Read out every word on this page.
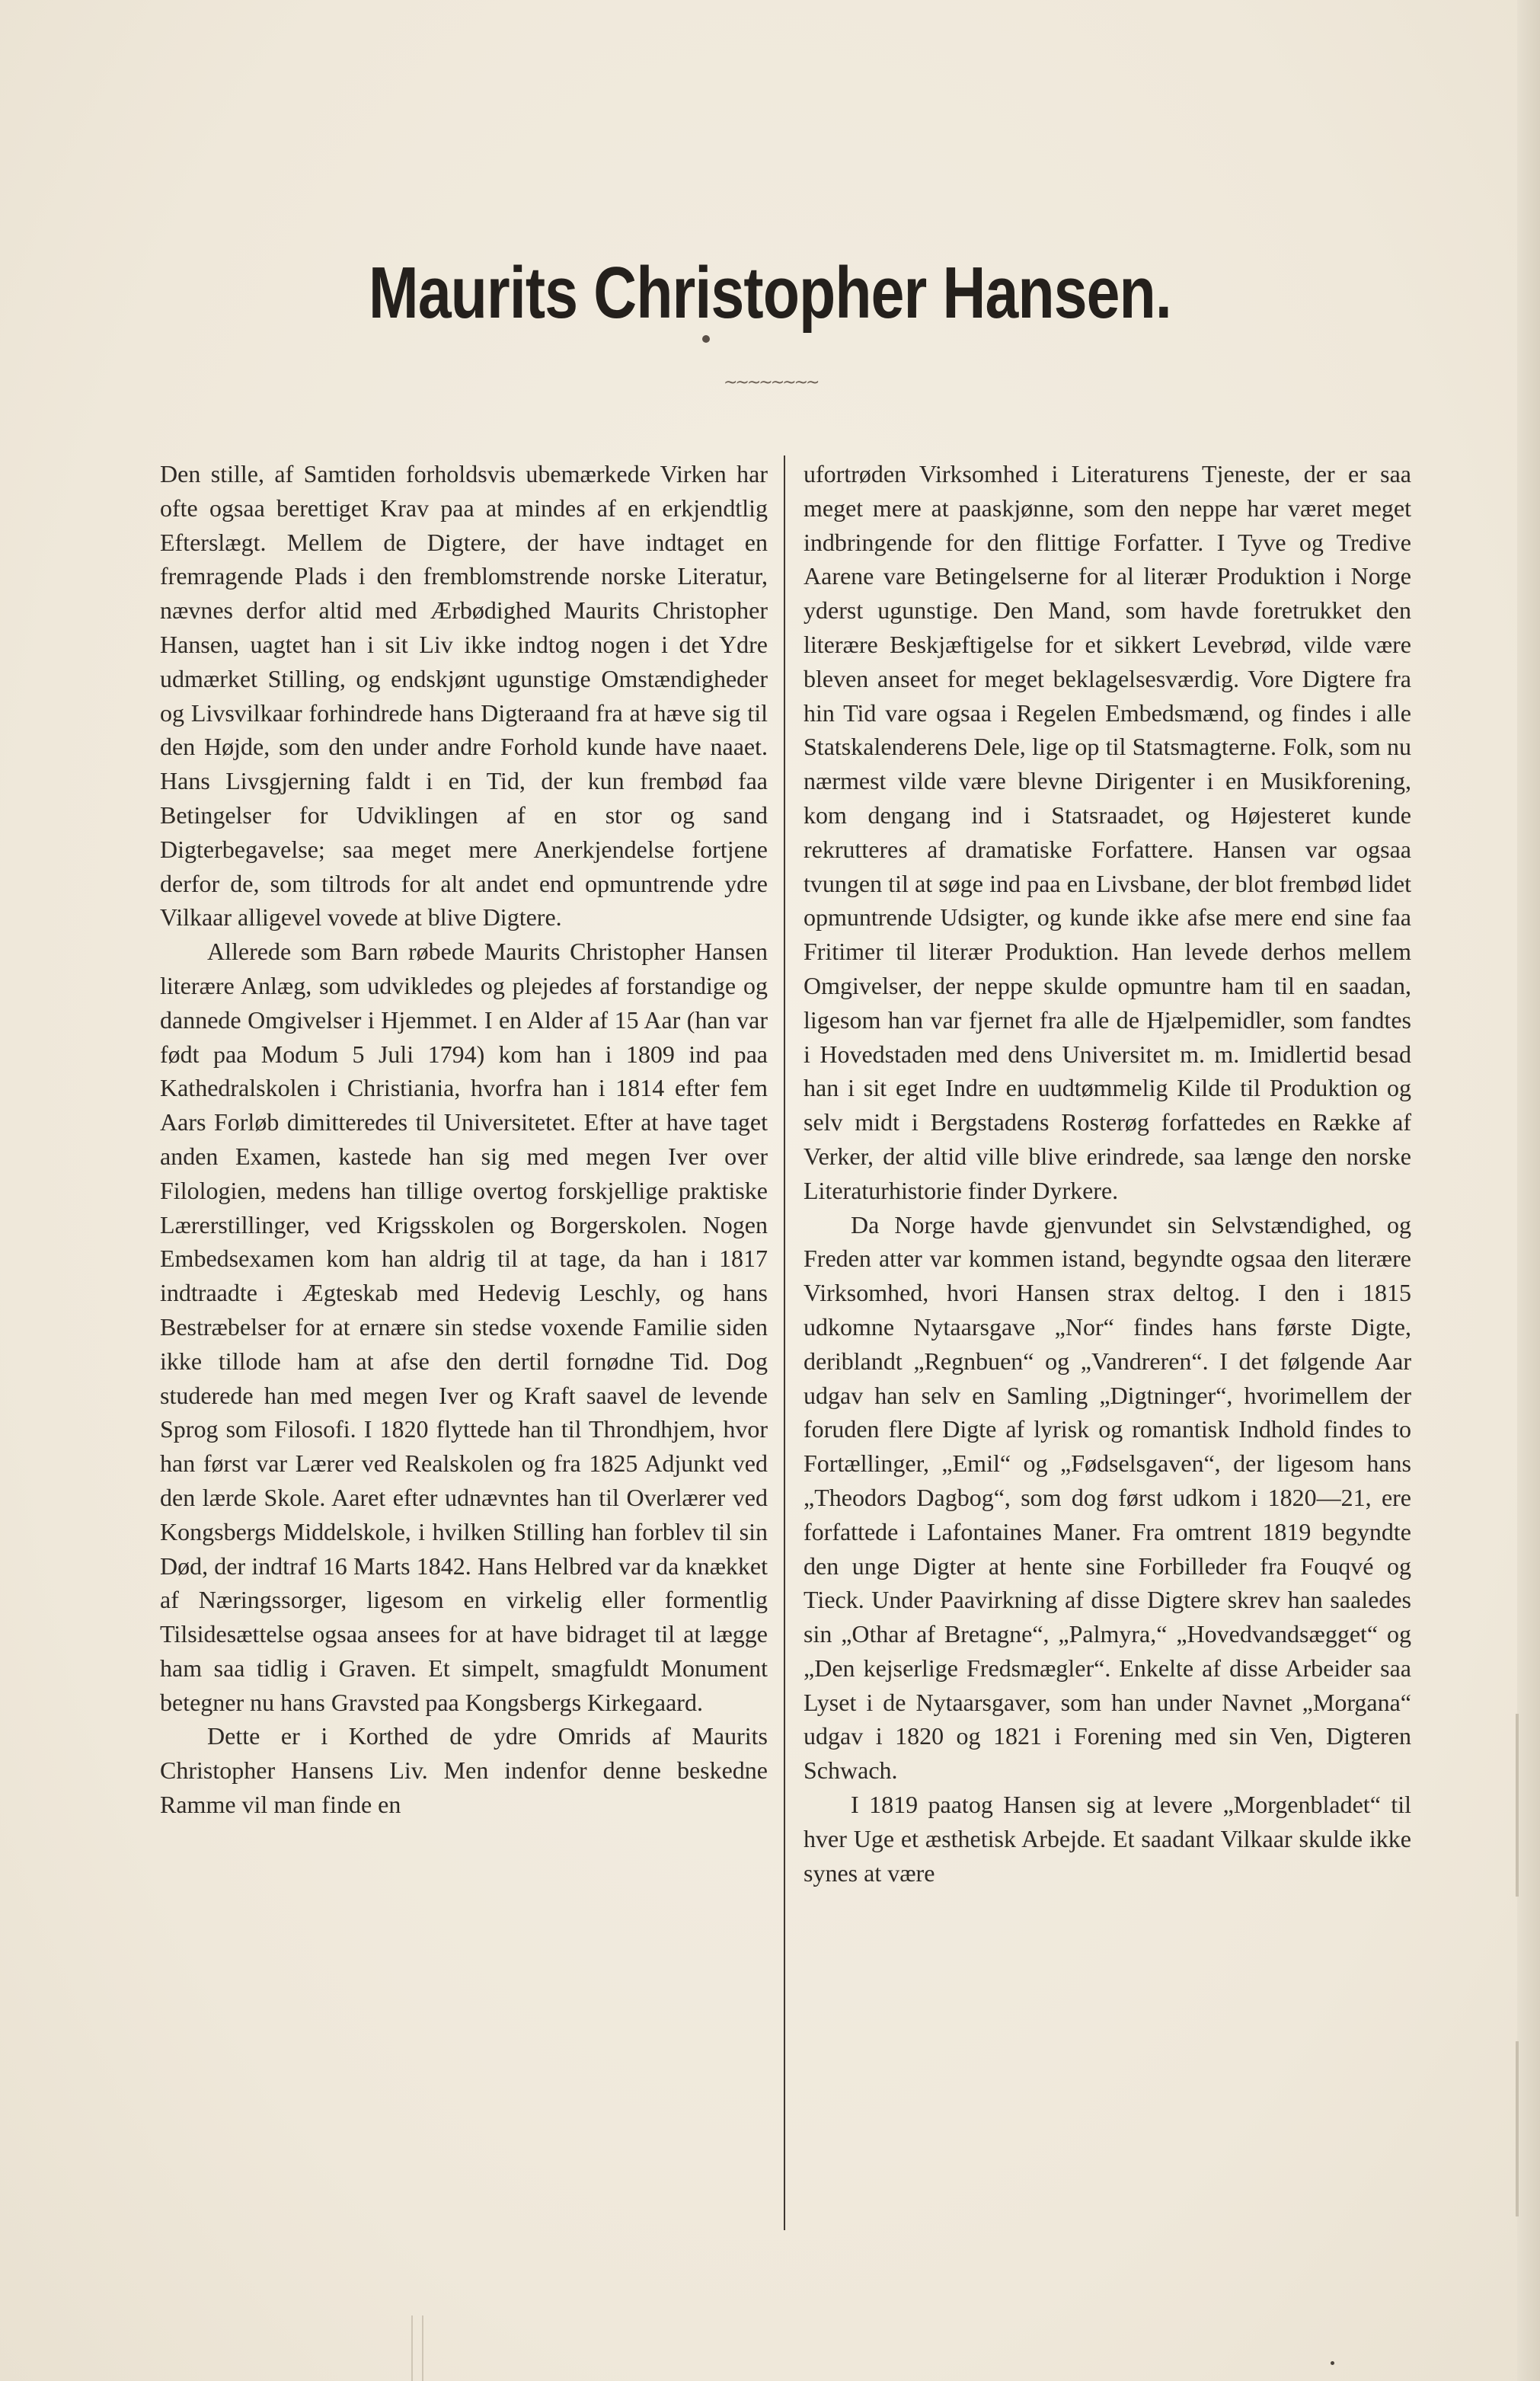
Maurits Christopher Hansen.
~~~~~~~~

Den stille, af Samtiden forholdsvis ubemærkede Virken har ofte ogsaa berettiget Krav paa at mindes af en erkjendtlig Efterslægt. Mellem de Digtere, der have indtaget en fremragende Plads i den fremblomstrende norske Literatur, nævnes derfor altid med Ærbødighed Maurits Christopher Hansen, uagtet han i sit Liv ikke indtog nogen i det Ydre udmærket Stilling, og endskjønt ugunstige Omstændigheder og Livsvilkaar forhindrede hans Digteraand fra at hæve sig til den Højde, som den under andre Forhold kunde have naaet. Hans Livsgjerning faldt i en Tid, der kun frembød faa Betingelser for Udviklingen af en stor og sand Digterbegavelse; saa meget mere Anerkjendelse fortjene derfor de, som tiltrods for alt andet end opmuntrende ydre Vilkaar alligevel vovede at blive Digtere.

Allerede som Barn røbede Maurits Christopher Hansen literære Anlæg, som udvikledes og plejedes af forstandige og dannede Omgivelser i Hjemmet. I en Alder af 15 Aar (han var født paa Modum 5 Juli 1794) kom han i 1809 ind paa Kathedralskolen i Christiania, hvorfra han i 1814 efter fem Aars Forløb dimitteredes til Universitetet. Efter at have taget anden Examen, kastede han sig med megen Iver over Filologien, medens han tillige overtog forskjellige praktiske Lærerstillinger, ved Krigsskolen og Borgerskolen. Nogen Embedsexamen kom han aldrig til at tage, da han i 1817 indtraadte i Ægteskab med Hedevig Leschly, og hans Bestræbelser for at ernære sin stedse voxende Familie siden ikke tillode ham at afse den dertil fornødne Tid. Dog studerede han med megen Iver og Kraft saavel de levende Sprog som Filosofi. I 1820 flyttede han til Throndhjem, hvor han først var Lærer ved Realskolen og fra 1825 Adjunkt ved den lærde Skole. Aaret efter udnævntes han til Overlærer ved Kongsbergs Middelskole, i hvilken Stilling han forblev til sin Død, der indtraf 16 Marts 1842. Hans Helbred var da knækket af Næringssorger, ligesom en virkelig eller formentlig Tilsidesættelse ogsaa ansees for at have bidraget til at lægge ham saa tidlig i Graven. Et simpelt, smagfuldt Monument betegner nu hans Gravsted paa Kongsbergs Kirkegaard.

Dette er i Korthed de ydre Omrids af Maurits Christopher Hansens Liv. Men indenfor denne beskedne Ramme vil man finde en

ufortrøden Virksomhed i Literaturens Tjeneste, der er saa meget mere at paaskjønne, som den neppe har været meget indbringende for den flittige Forfatter. I Tyve og Tredive Aarene vare Betingelserne for al literær Produktion i Norge yderst ugunstige. Den Mand, som havde foretrukket den literære Beskjæftigelse for et sikkert Levebrød, vilde være bleven anseet for meget beklagelsesværdig. Vore Digtere fra hin Tid vare ogsaa i Regelen Embedsmænd, og findes i alle Statskalenderens Dele, lige op til Statsmagterne. Folk, som nu nærmest vilde være blevne Dirigenter i en Musikforening, kom dengang ind i Statsraadet, og Højesteret kunde rekrutteres af dramatiske Forfattere. Hansen var ogsaa tvungen til at søge ind paa en Livsbane, der blot frembød lidet opmuntrende Udsigter, og kunde ikke afse mere end sine faa Fritimer til literær Produktion. Han levede derhos mellem Omgivelser, der neppe skulde opmuntre ham til en saadan, ligesom han var fjernet fra alle de Hjælpemidler, som fandtes i Hovedstaden med dens Universitet m. m. Imidlertid besad han i sit eget Indre en uudtømmelig Kilde til Produktion og selv midt i Bergstadens Rosterøg forfattedes en Række af Verker, der altid ville blive erindrede, saa længe den norske Literaturhistorie finder Dyrkere.

Da Norge havde gjenvundet sin Selvstændighed, og Freden atter var kommen istand, begyndte ogsaa den literære Virksomhed, hvori Hansen strax deltog. I den i 1815 udkomne Nytaarsgave „Nor“ findes hans første Digte, deriblandt „Regnbuen“ og „Vandreren“. I det følgende Aar udgav han selv en Samling „Digtninger“, hvorimellem der foruden flere Digte af lyrisk og romantisk Indhold findes to Fortællinger, „Emil“ og „Fødselsgaven“, der ligesom hans „Theodors Dagbog“, som dog først udkom i 1820—21, ere forfattede i Lafontaines Maner. Fra omtrent 1819 begyndte den unge Digter at hente sine Forbilleder fra Fouqvé og Tieck. Under Paavirkning af disse Digtere skrev han saaledes sin „Othar af Bretagne“, „Palmyra,“ „Hovedvandsægget“ og „Den kejserlige Fredsmægler“. Enkelte af disse Arbeider saa Lyset i de Nytaarsgaver, som han under Navnet „Morgana“ udgav i 1820 og 1821 i Forening med sin Ven, Digteren Schwach.

I 1819 paatog Hansen sig at levere „Morgenbladet“ til hver Uge et æsthetisk Arbejde. Et saadant Vilkaar skulde ikke synes at være
